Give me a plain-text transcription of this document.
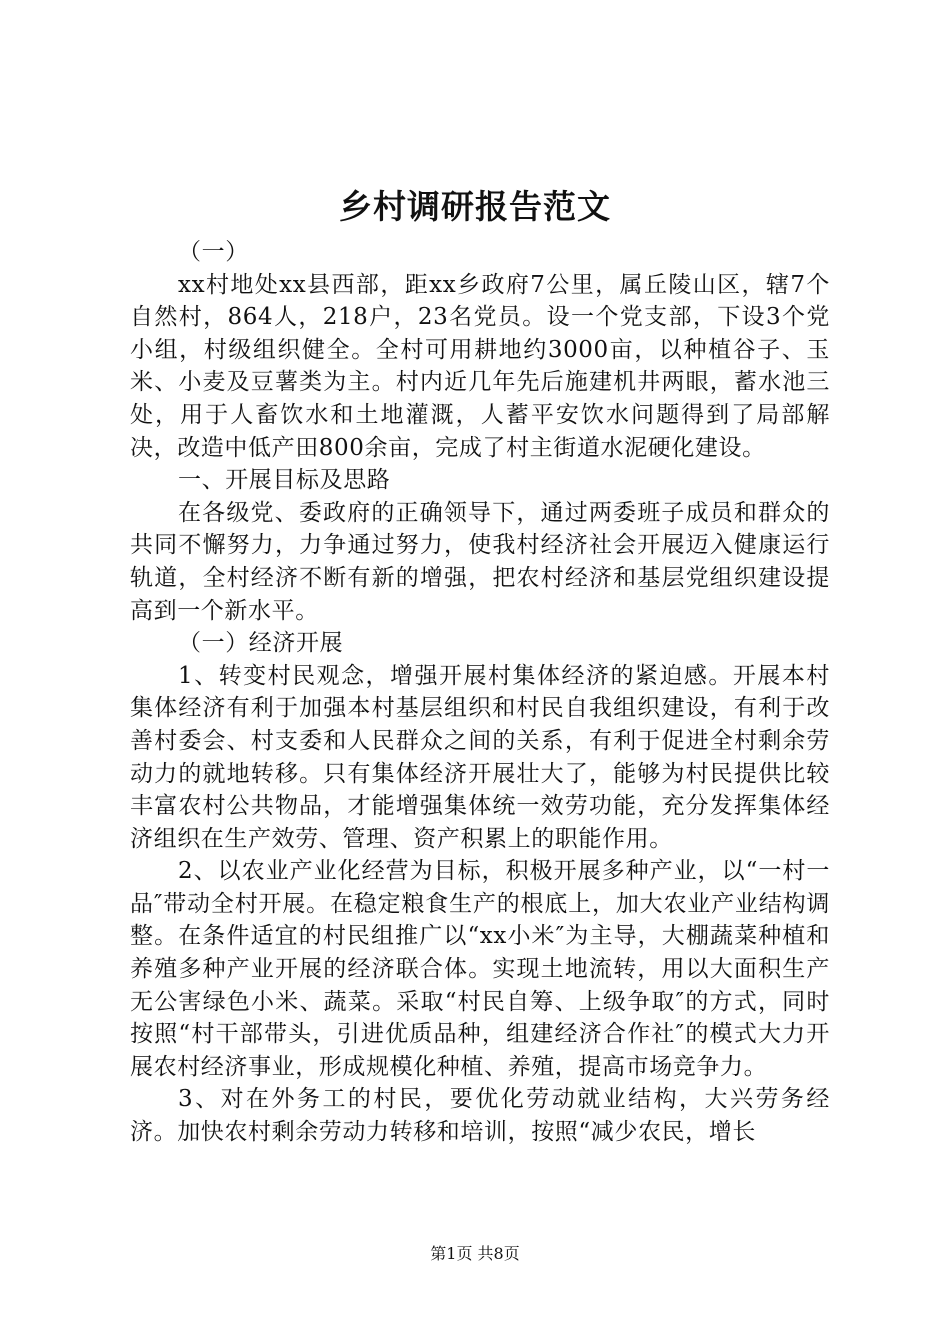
乡村调研报告范文

（一）

xx村地处xx县西部，距xx乡政府7公里，属丘陵山区，辖7个自然村，864人，218户，23名党员。设一个党支部，下设3个党小组，村级组织健全。全村可用耕地约3000亩，以种植谷子、玉米、小麦及豆薯类为主。村内近几年先后施建机井两眼，蓄水池三处，用于人畜饮水和土地灌溉，人蓄平安饮水问题得到了局部解决，改造中低产田800余亩，完成了村主街道水泥硬化建设。

一、开展目标及思路

在各级党、委政府的正确领导下，通过两委班子成员和群众的共同不懈努力，力争通过努力，使我村经济社会开展迈入健康运行轨道，全村经济不断有新的增强，把农村经济和基层党组织建设提高到一个新水平。

（一）经济开展

1、转变村民观念，增强开展村集体经济的紧迫感。开展本村集体经济有利于加强本村基层组织和村民自我组织建设，有利于改善村委会、村支委和人民群众之间的关系，有利于促进全村剩余劳动力的就地转移。只有集体经济开展壮大了，能够为村民提供比较丰富农村公共物品，才能增强集体统一效劳功能，充分发挥集体经济组织在生产效劳、管理、资产积累上的职能作用。

2、以农业产业化经营为目标，积极开展多种产业，以“一村一品″带动全村开展。在稳定粮食生产的根底上，加大农业产业结构调整。在条件适宜的村民组推广以“xx小米″为主导，大棚蔬菜种植和养殖多种产业开展的经济联合体。实现土地流转，用以大面积生产无公害绿色小米、蔬菜。采取“村民自筹、上级争取″的方式，同时按照“村干部带头，引进优质品种，组建经济合作社″的模式大力开展农村经济事业，形成规模化种植、养殖，提高市场竞争力。

3、对在外务工的村民，要优化劳动就业结构，大兴劳务经济。加快农村剩余劳动力转移和培训，按照“减少农民，增长

第1页 共8页
